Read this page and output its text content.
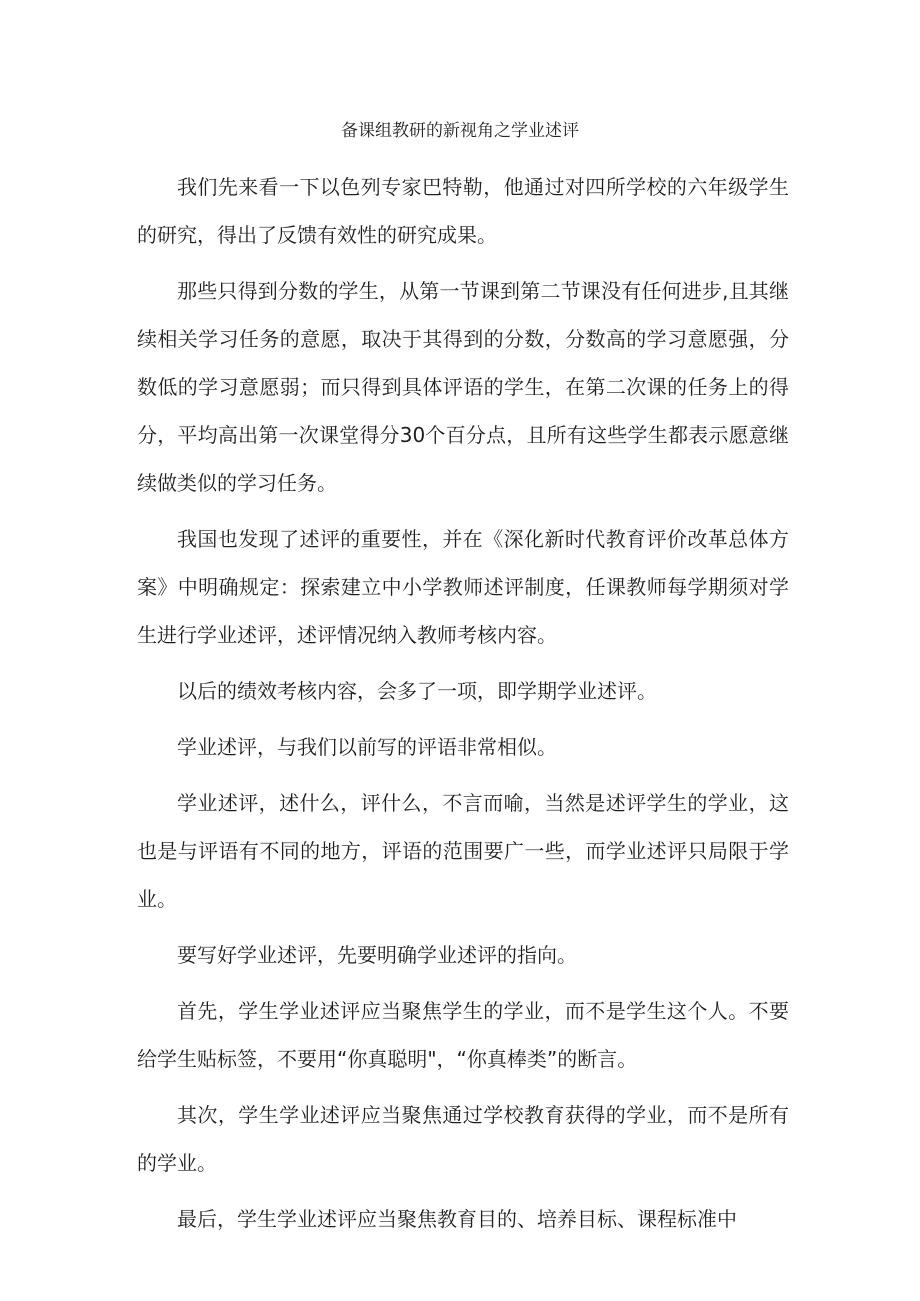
备课组教研的新视角之学业述评

我们先来看一下以色列专家巴特勒，他通过对四所学校的六年级学生的研究，得出了反馈有效性的研究成果。

那些只得到分数的学生，从第一节课到第二节课没有任何进步,且其继续相关学习任务的意愿，取决于其得到的分数，分数高的学习意愿强，分数低的学习意愿弱；而只得到具体评语的学生，在第二次课的任务上的得分，平均高出第一次课堂得分30个百分点，且所有这些学生都表示愿意继续做类似的学习任务。

我国也发现了述评的重要性，并在《深化新时代教育评价改革总体方案》中明确规定：探索建立中小学教师述评制度，任课教师每学期须对学生进行学业述评，述评情况纳入教师考核内容。

以后的绩效考核内容，会多了一项，即学期学业述评。

学业述评，与我们以前写的评语非常相似。

学业述评，述什么，评什么，不言而喻，当然是述评学生的学业，这也是与评语有不同的地方，评语的范围要广一些，而学业述评只局限于学业。

要写好学业述评，先要明确学业述评的指向。

首先，学生学业述评应当聚焦学生的学业，而不是学生这个人。不要给学生贴标签，不要用“你真聪明"，“你真棒类”的断言。

其次，学生学业述评应当聚焦通过学校教育获得的学业，而不是所有的学业。

最后，学生学业述评应当聚焦教育目的、培养目标、课程标准中
